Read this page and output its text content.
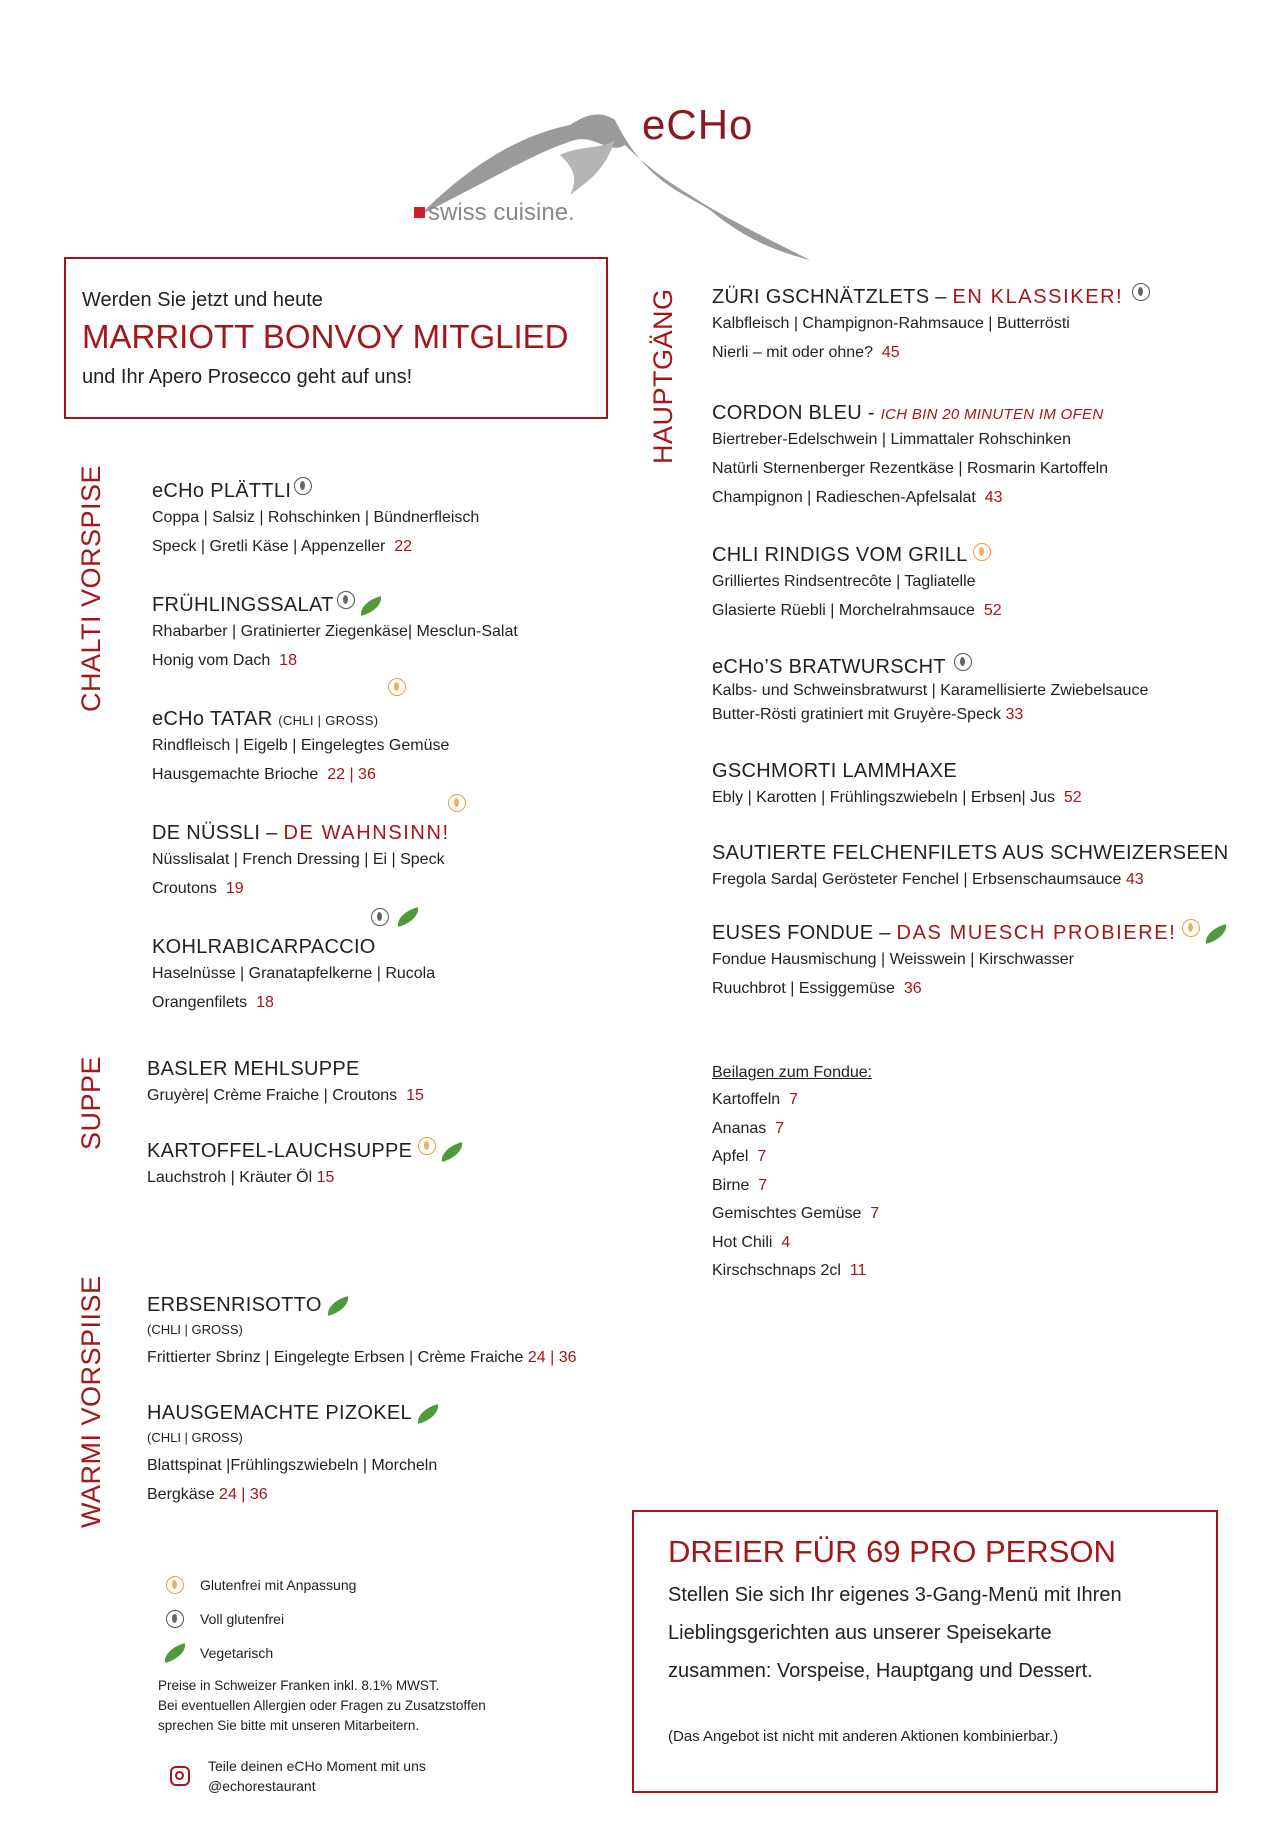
eCHo
swiss cuisine.
Werden Sie jetzt und heute
MARRIOTT BONVOY MITGLIED
und Ihr Apero Prosecco geht auf uns!
CHALTI VORSPISE
SUPPE
WARMI VORSPIISE
HAUPTGÄNG
eCHo PLÄTTLI
Coppa | Salsiz | Rohschinken | Bündnerfleisch
Speck | Gretli Käse | Appenzeller 22
FRÜHLINGSSALAT
Rhabarber | Gratinierter Ziegenkäse| Mesclun-Salat
Honig vom Dach 18
eCHo TATAR (CHLI | GROSS)
Rindfleisch | Eigelb | Eingelegtes Gemüse
Hausgemachte Brioche 22 | 36
DE NÜSSLI – DE WAHNSINN!
Nüsslisalat | French Dressing | Ei | Speck
Croutons 19
KOHLRABICARPACCIO
Haselnüsse | Granatapfelkerne | Rucola
Orangenfilets 18
BASLER MEHLSUPPE
Gruyère| Crème Fraiche | Croutons 15
KARTOFFEL-LAUCHSUPPE
Lauchstroh | Kräuter Öl 15
ERBSENRISOTTO
(CHLI | GROSS)
Frittierter Sbrinz | Eingelegte Erbsen | Crème Fraiche 24 | 36
HAUSGEMACHTE PIZOKEL
(CHLI | GROSS)
Blattspinat |Frühlingszwiebeln | Morcheln
Bergkäse 24 | 36
ZÜRI GSCHNÄTZLETS – EN KLASSIKER!
Kalbfleisch | Champignon-Rahmsauce | Butterrösti
Nierli – mit oder ohne? 45
CORDON BLEU - ICH BIN 20 MINUTEN IM OFEN
Biertreber-Edelschwein | Limmattaler Rohschinken
Natürli Sternenberger Rezentkäse | Rosmarin Kartoffeln
Champignon | Radieschen-Apfelsalat 43
CHLI RINDIGS VOM GRILL
Grilliertes Rindsentrecôte | Tagliatelle
Glasierte Rüebli | Morchelrahmsauce 52
eCHo’S BRATWURSCHT
Kalbs- und Schweinsbratwurst | Karamellisierte Zwiebelsauce
Butter-Rösti gratiniert mit Gruyère-Speck 33
GSCHMORTI LAMMHAXE
Ebly | Karotten | Frühlingszwiebeln | Erbsen| Jus 52
SAUTIERTE FELCHENFILETS AUS SCHWEIZERSEEN
Fregola Sarda| Gerösteter Fenchel | Erbsenschaumsauce 43
EUSES FONDUE – DAS MUESCH PROBIERE!
Fondue Hausmischung | Weisswein | Kirschwasser
Ruuchbrot | Essiggemüse 36
Beilagen zum Fondue:
Kartoffeln 7
Ananas 7
Apfel 7
Birne 7
Gemischtes Gemüse 7
Hot Chili 4
Kirschschnaps 2cl 11
Glutenfrei mit Anpassung
Voll glutenfrei
Vegetarisch
Preise in Schweizer Franken inkl. 8.1% MWST.
Bei eventuellen Allergien oder Fragen zu Zusatzstoffen
sprechen Sie bitte mit unseren Mitarbeitern.
Teile deinen eCHo Moment mit uns
@echorestaurant
DREIER FÜR 69 PRO PERSON
Stellen Sie sich Ihr eigenes 3-Gang-Menü mit Ihren
Lieblingsgerichten aus unserer Speisekarte
zusammen: Vorspeise, Hauptgang und Dessert.
(Das Angebot ist nicht mit anderen Aktionen kombinierbar.)
